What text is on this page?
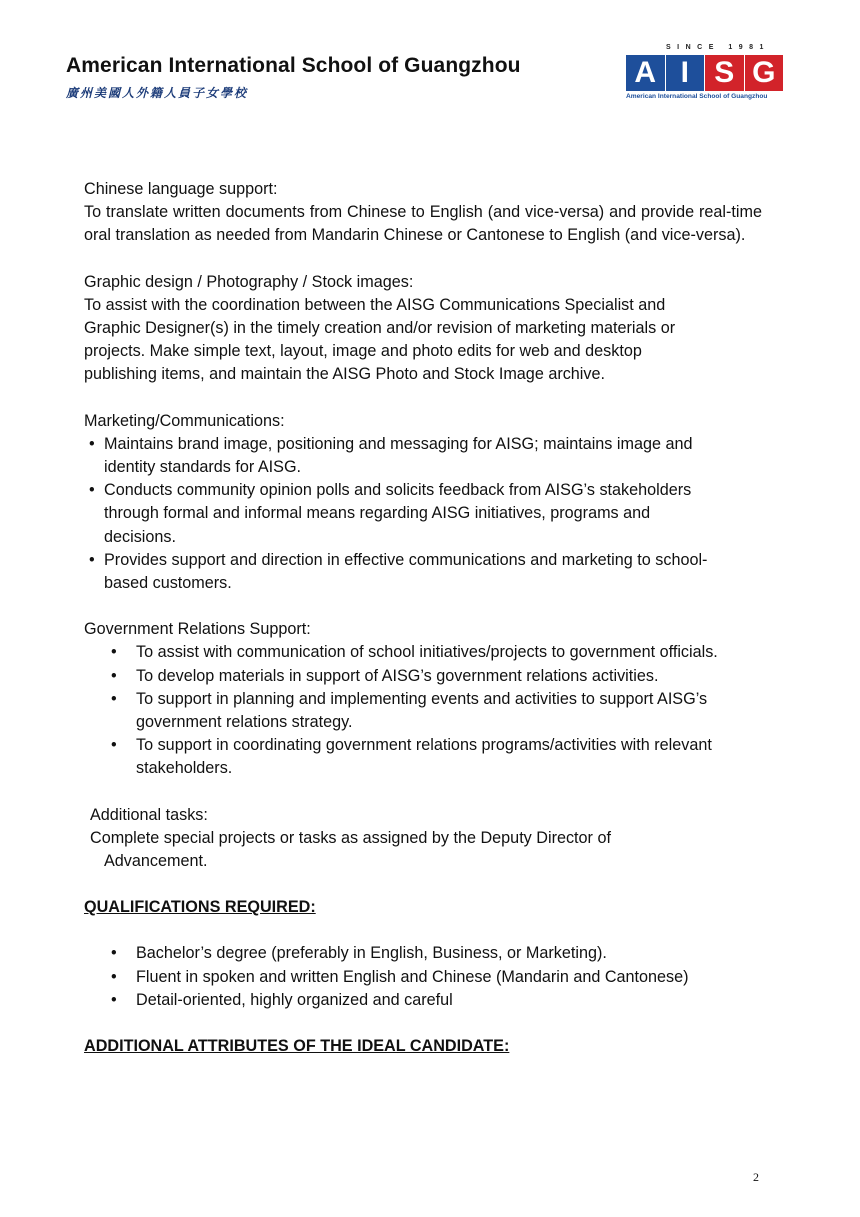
American International School of Guangzhou
廣州美國人外籍人員子女學校
SINCE 1981
A I S G
American International School of Guangzhou

Chinese language support:

To translate written documents from Chinese to English (and vice-versa) and provide real-time oral translation as needed from Mandarin Chinese or Cantonese to English (and vice-versa).

Graphic design / Photography / Stock images:

To assist with the coordination between the AISG Communications Specialist and
Graphic Designer(s) in the timely creation and/or revision of marketing materials or
projects. Make simple text, layout, image and photo edits for web and desktop
publishing items, and maintain the AISG Photo and Stock Image archive.

Marketing/Communications:

• Maintains brand image, positioning and messaging for AISG; maintains image and
identity standards for AISG.
• Conducts community opinion polls and solicits feedback from AISG’s stakeholders
through formal and informal means regarding AISG initiatives, programs and
decisions.
• Provides support and direction in effective communications and marketing to school-
based customers.

Government Relations Support:

• To assist with communication of school initiatives/projects to government officials.
• To develop materials in support of AISG’s government relations activities.
• To support in planning and implementing events and activities to support AISG’s
government relations strategy.
• To support in coordinating government relations programs/activities with relevant
stakeholders.

Additional tasks:

Complete special projects or tasks as assigned by the Deputy Director of
Advancement.

QUALIFICATIONS REQUIRED:

• Bachelor’s degree (preferably in English, Business, or Marketing).
• Fluent in spoken and written English and Chinese (Mandarin and Cantonese)
• Detail-oriented, highly organized and careful

ADDITIONAL ATTRIBUTES OF THE IDEAL CANDIDATE:

2
